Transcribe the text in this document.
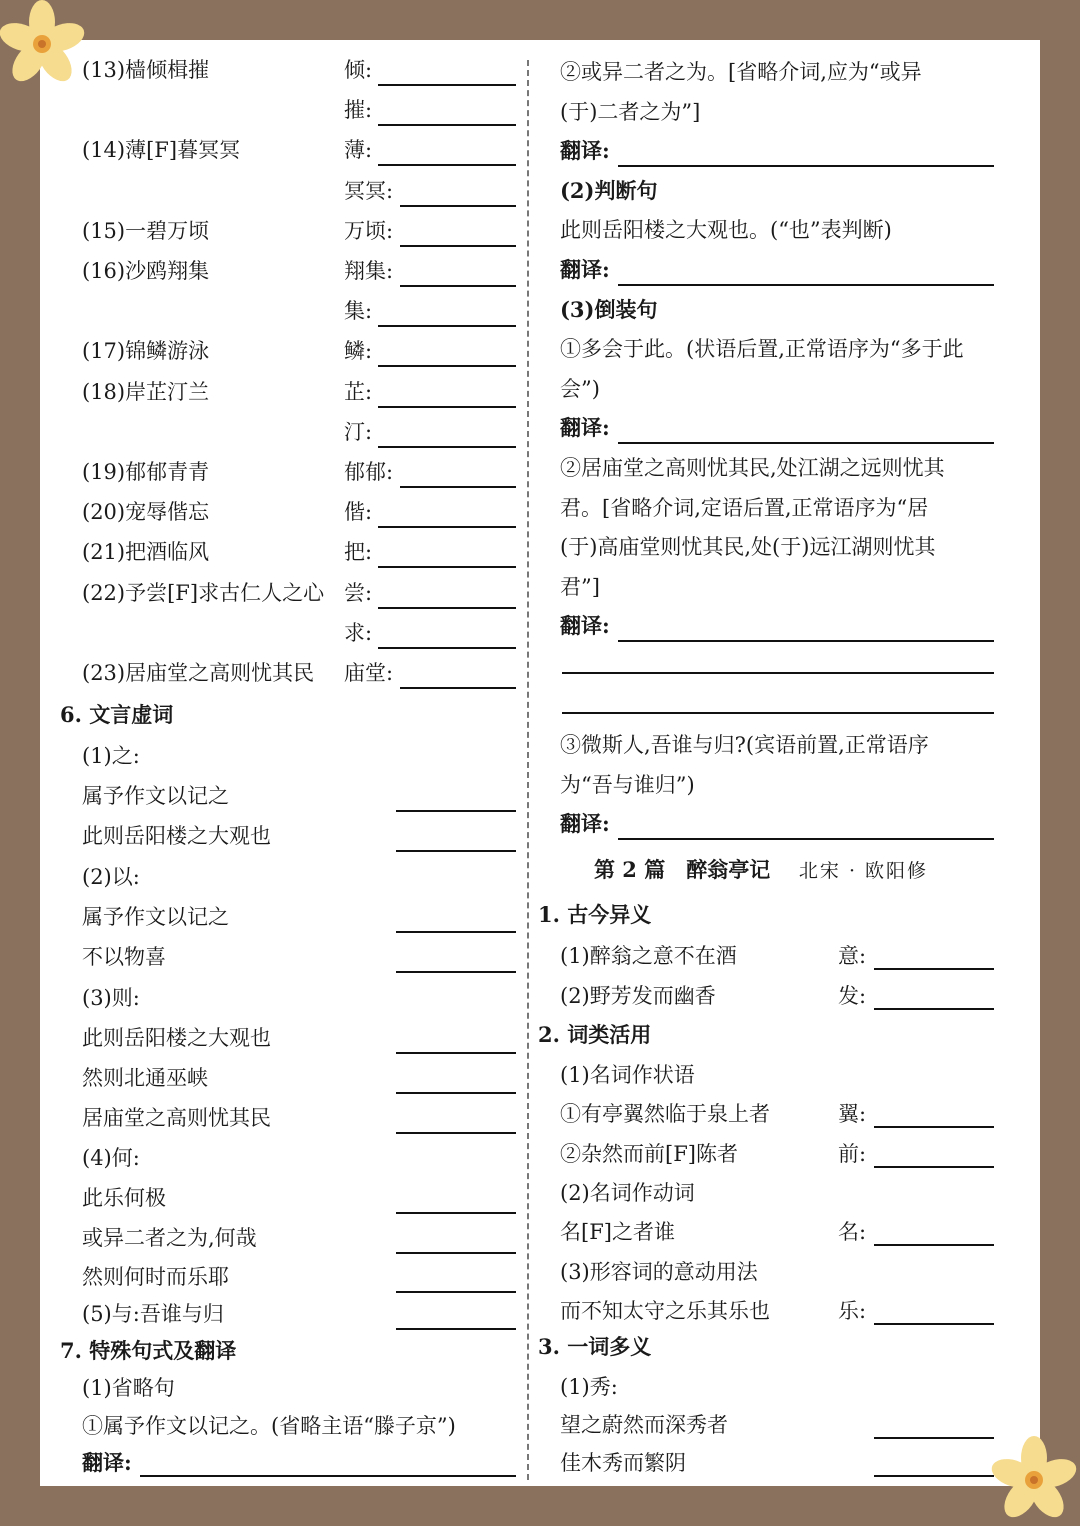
(13)樯倾楫摧	倾:
摧:
(14)薄[F]暮冥冥	薄:
冥冥:
(15)一碧万顷	万顷:
(16)沙鸥翔集	翔集:
集:
(17)锦鳞游泳	鳞:
(18)岸芷汀兰	芷:
汀:
(19)郁郁青青	郁郁:
(20)宠辱偕忘	偕:
(21)把酒临风	把:
(22)予尝[F]求古仁人之心 尝:
求:
(23)居庙堂之高则忧其民 庙堂:
6. 文言虚词
(1)之:
属予作文以记之
此则岳阳楼之大观也
(2)以:
属予作文以记之
不以物喜
(3)则:
此则岳阳楼之大观也
然则北通巫峡
居庙堂之高则忧其民
(4)何:
此乐何极
或异二者之为,何哉
然则何时而乐耶
(5)与:吾谁与归
7. 特殊句式及翻译
(1)省略句
①属予作文以记之。(省略主语“滕子京”)
翻译:
②或异二者之为。[省略介词,应为“或异
(于)二者之为”]
翻译:
(2)判断句
此则岳阳楼之大观也。(“也”表判断)
翻译:
(3)倒装句
①多会于此。(状语后置,正常语序为“多于此
会”)
翻译:
②居庙堂之高则忧其民,处江湖之远则忧其
君。[省略介词,定语后置,正常语序为“居
(于)高庙堂则忧其民,处(于)远江湖则忧其
君”]
翻译:
③微斯人,吾谁与归?(宾语前置,正常语序
为“吾与谁归”)
翻译:
第 2 篇　醉翁亭记 北宋 · 欧阳修
1. 古今异义
(1)醉翁之意不在酒	意:
(2)野芳发而幽香	发:
2. 词类活用
(1)名词作状语
①有亭翼然临于泉上者	翼:
②杂然而前[F]陈者	前:
(2)名词作动词
名[F]之者谁	名:
(3)形容词的意动用法
而不知太守之乐其乐也	乐:
3. 一词多义
(1)秀:
望之蔚然而深秀者
佳木秀而繁阴
